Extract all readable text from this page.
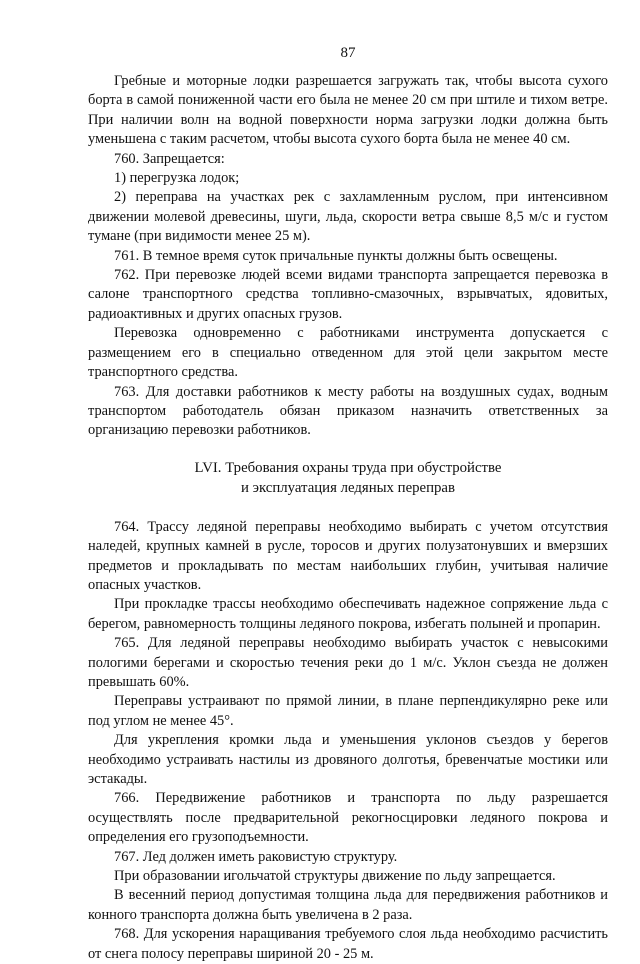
87

Гребные и моторные лодки разрешается загружать так, чтобы высота сухого борта в самой пониженной части его была не менее 20 см при штиле и тихом ветре. При наличии волн на водной поверхности норма загрузки лодки должна быть уменьшена с таким расчетом, чтобы высота сухого борта была не менее 40 см.

760. Запрещается:

1) перегрузка лодок;

2) переправа на участках рек с захламленным руслом, при интенсивном движении молевой древесины, шуги, льда, скорости ветра свыше 8,5 м/с и густом тумане (при видимости менее 25 м).

761. В темное время суток причальные пункты должны быть освещены.

762. При перевозке людей всеми видами транспорта запрещается перевозка в салоне транспортного средства топливно-смазочных, взрывчатых, ядовитых, радиоактивных и других опасных грузов.

Перевозка одновременно с работниками инструмента допускается с размещением его в специально отведенном для этой цели закрытом месте транспортного средства.

763. Для доставки работников к месту работы на воздушных судах, водным транспортом работодатель обязан приказом назначить ответственных за организацию перевозки работников.

LVI. Требования охраны труда при обустройстве
и эксплуатация ледяных переправ

764. Трассу ледяной переправы необходимо выбирать с учетом отсутствия наледей, крупных камней в русле, торосов и других полузатонувших и вмерзших предметов и прокладывать по местам наибольших глубин, учитывая наличие опасных участков.

При прокладке трассы необходимо обеспечивать надежное сопряжение льда с берегом, равномерность толщины ледяного покрова, избегать полыней и пропарин.

765. Для ледяной переправы необходимо выбирать участок с невысокими пологими берегами и скоростью течения реки до 1 м/с. Уклон съезда не должен превышать 60%.

Переправы устраивают по прямой линии, в плане перпендикулярно реке или под углом не менее 45°.

Для укрепления кромки льда и уменьшения уклонов съездов у берегов необходимо устраивать настилы из дровяного долготья, бревенчатые мостики или эстакады.

766. Передвижение работников и транспорта по льду разрешается осуществлять после предварительной рекогносцировки ледяного покрова и определения его грузоподъемности.

767. Лед должен иметь раковистую структуру.

При образовании игольчатой структуры движение по льду запрещается.

В весенний период допустимая толщина льда для передвижения работников и конного транспорта должна быть увеличена в 2 раза.

768. Для ускорения наращивания требуемого слоя льда необходимо расчистить от снега полосу переправы шириной 20 - 25 м.
